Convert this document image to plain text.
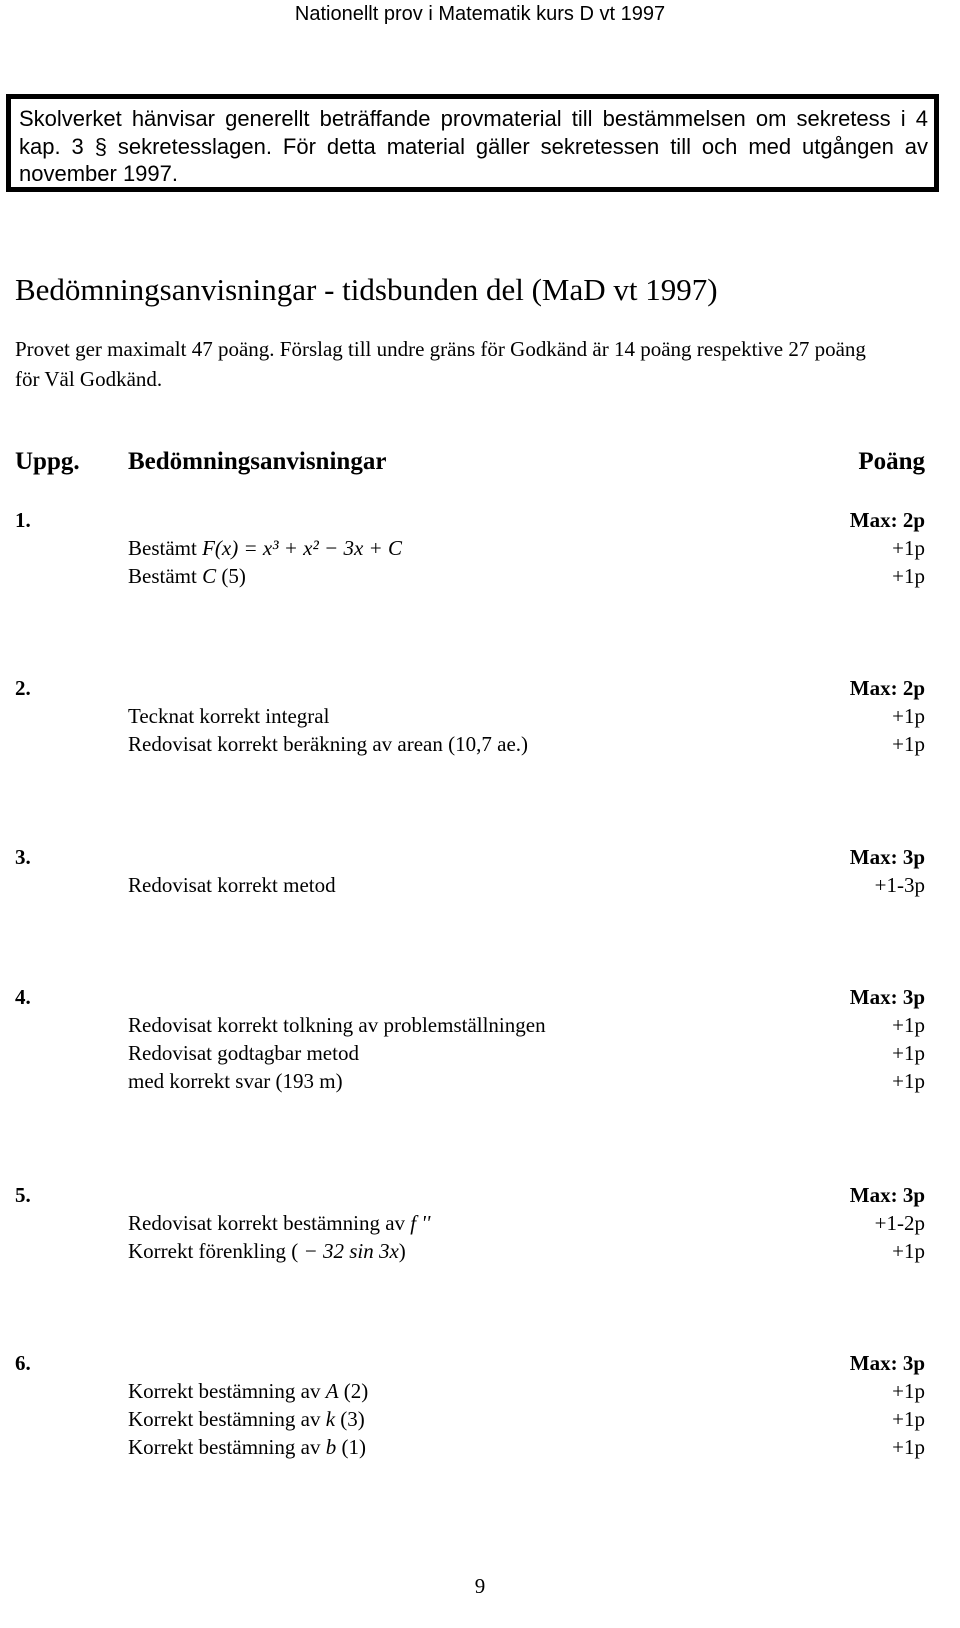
Nationellt prov i Matematik kurs D vt 1997
Skolverket hänvisar generellt beträffande provmaterial till bestämmelsen om sekretess i 4 kap. 3 § sekretesslagen. För detta material gäller sekretessen till och med utgången av november 1997.
Bedömningsanvisningar - tidsbunden del (MaD vt 1997)

Provet ger maximalt 47 poäng. Förslag till undre gräns för Godkänd är 14 poäng respektive 27 poäng för Väl Godkänd.

Uppg. Bedömningsanvisningar	Poäng
1.	Max: 2p
Bestämt F(x) = x³ + x² − 3x + C	+1p
Bestämt C (5)	+1p
2.	Max: 2p
Tecknat korrekt integral	+1p
Redovisat korrekt beräkning av arean (10,7 ae.)	+1p
3.	Max: 3p
Redovisat korrekt metod	+1-3p
4.	Max: 3p
Redovisat korrekt tolkning av problemställningen	+1p
Redovisat godtagbar metod	+1p
med korrekt svar (193 m)	+1p
5.	Max: 3p
Redovisat korrekt bestämning av f ''	+1-2p
Korrekt förenkling ( − 32 sin 3x)	+1p
6.	Max: 3p
Korrekt bestämning av A (2)	+1p
Korrekt bestämning av k (3)	+1p
Korrekt bestämning av b (1)	+1p
9
